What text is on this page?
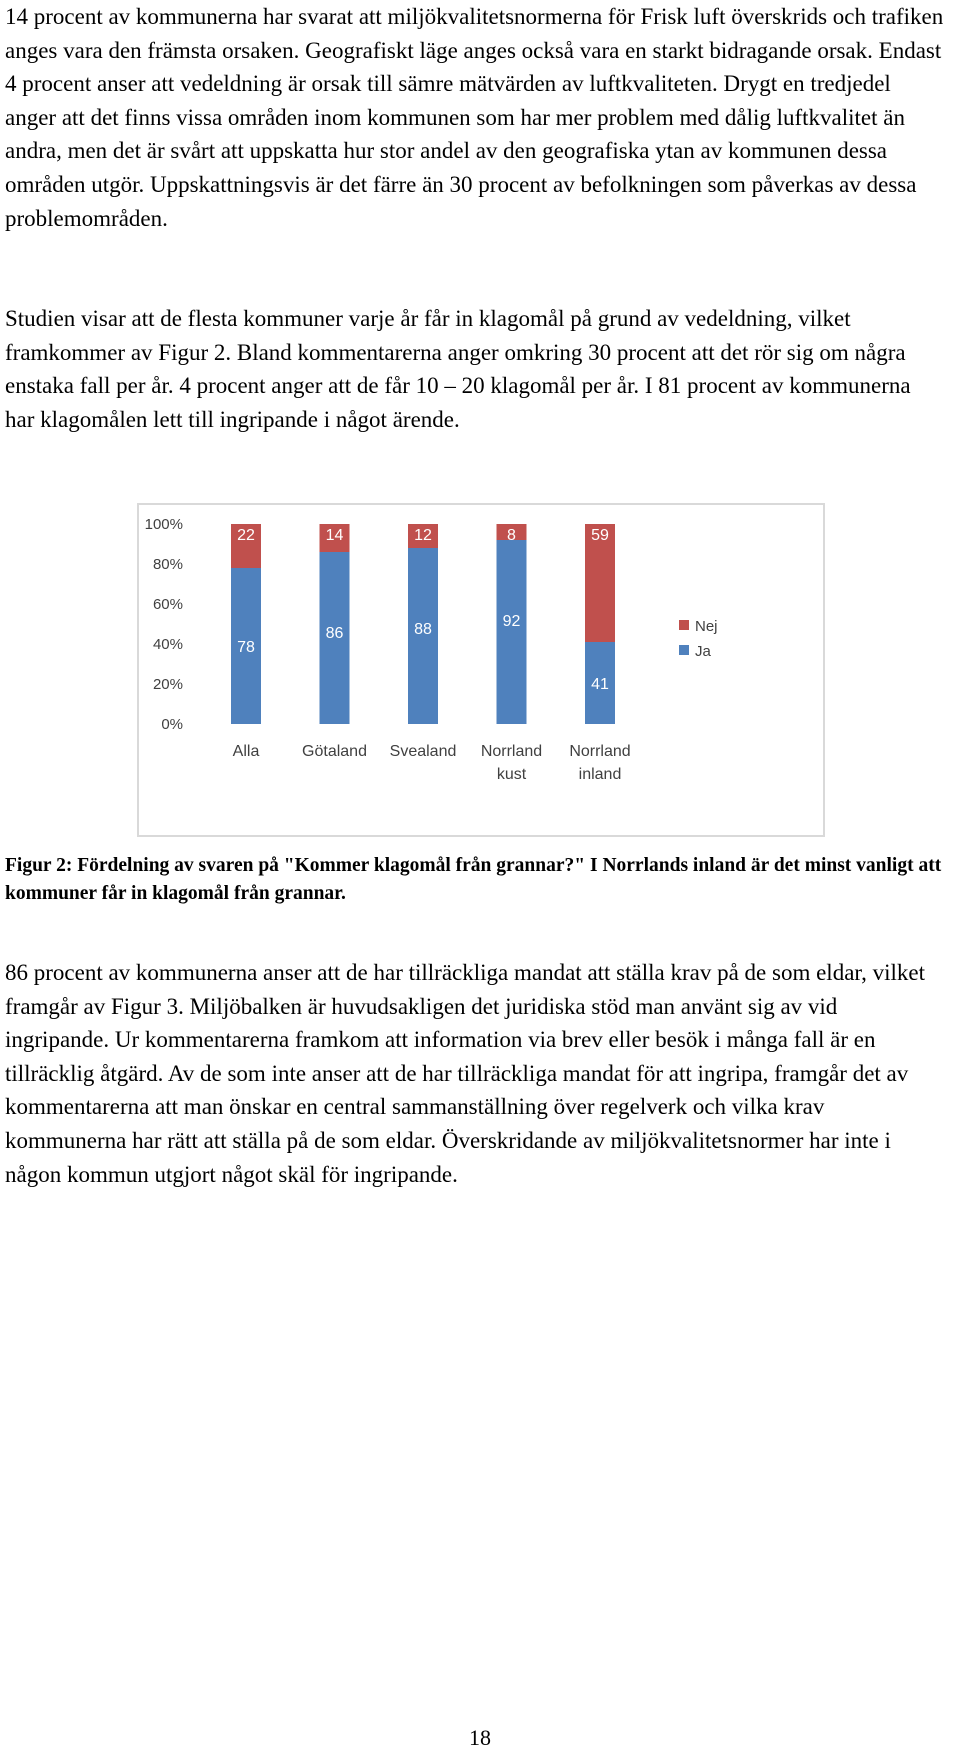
14 procent av kommunerna har svarat att miljökvalitetsnormerna för Frisk luft överskrids och trafiken anges vara den främsta orsaken. Geografiskt läge anges också vara en starkt bidragande orsak. Endast 4 procent anser att vedeldning är orsak till sämre mätvärden av luftkvaliteten. Drygt en tredjedel anger att det finns vissa områden inom kommunen som har mer problem med dålig luftkvalitet än andra, men det är svårt att uppskatta hur stor andel av den geografiska ytan av kommunen dessa områden utgör. Uppskattningsvis är det färre än 30 procent av befolkningen som påverkas av dessa problemområden.

Studien visar att de flesta kommuner varje år får in klagomål på grund av vedeldning, vilket framkommer av Figur 2. Bland kommentarerna anger omkring 30 procent att det rör sig om några enstaka fall per år. 4 procent anger att de får 10 – 20 klagomål per år. I 81 procent av kommunerna har klagomålen lett till ingripande i något ärende.

0%
20%
40%
60%
80%
100%
78
22
Alla
86
14
Götaland
88
12
Svealand
92
8
Norrland
kust
41
59
Norrland
inland
Nej
Ja

Figur 2: Fördelning av svaren på "Kommer klagomål från grannar?" I Norrlands inland är det minst vanligt att kommuner får in klagomål från grannar.

86 procent av kommunerna anser att de har tillräckliga mandat att ställa krav på de som eldar, vilket framgår av Figur 3. Miljöbalken är huvudsakligen det juridiska stöd man använt sig av vid ingripande. Ur kommentarerna framkom att information via brev eller besök i många fall är en tillräcklig åtgärd. Av de som inte anser att de har tillräckliga mandat för att ingripa, framgår det av kommentarerna att man önskar en central sammanställning över regelverk och vilka krav kommunerna har rätt att ställa på de som eldar. Överskridande av miljökvalitetsnormer har inte i någon kommun utgjort något skäl för ingripande.

18
